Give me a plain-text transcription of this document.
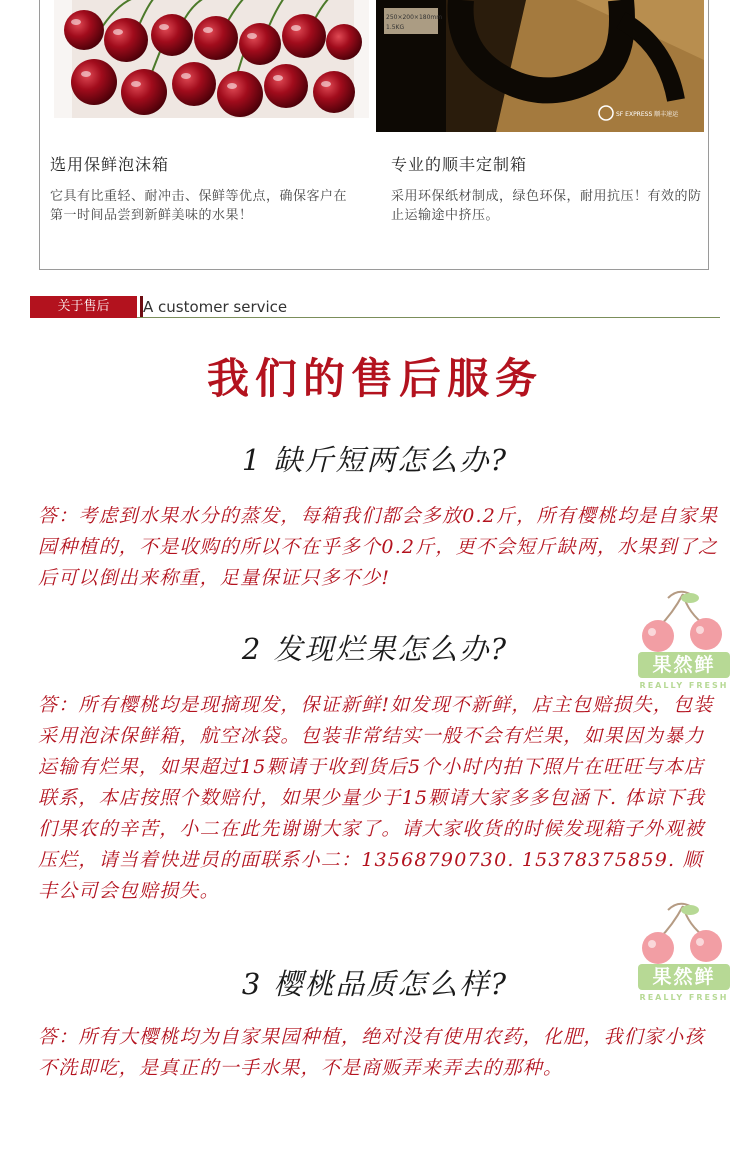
250×200×180mm
1.5KG
SF EXPRESS 顺丰速运
选用保鲜泡沫箱
它具有比重轻、耐冲击、保鲜等优点，确保客户在第一时间品尝到新鲜美味的水果！
专业的顺丰定制箱
采用环保纸材制成，绿色环保，耐用抗压！有效的防止运输途中挤压。
关于售后	A customer service
我们的售后服务
1 缺斤短两怎么办?
答：考虑到水果水分的蒸发，每箱我们都会多放0.2斤，所有樱桃均是自家果园种植的，不是收购的所以不在乎多个0.2斤，更不会短斤缺两，水果到了之后可以倒出来称重，足量保证只多不少!
2 发现烂果怎么办?
答：所有樱桃均是现摘现发，保证新鲜!如发现不新鲜，店主包赔损失，包装采用泡沫保鲜箱，航空冰袋。包装非常结实一般不会有烂果，如果因为暴力运输有烂果，如果超过15颗请于收到货后5个小时内拍下照片在旺旺与本店联系，本店按照个数赔付，如果少量少于15颗请大家多多包涵下. 体谅下我们果农的辛苦，小二在此先谢谢大家了。请大家收货的时候发现箱子外观被压烂，请当着快进员的面联系小二：13568790730. 15378375859. 顺丰公司会包赔损失。
3 樱桃品质怎么样?
答：所有大樱桃均为自家果园种植，绝对没有使用农药，化肥，我们家小孩不洗即吃，是真正的一手水果，不是商贩弄来弄去的那种。
果然鲜
REALLY FRESH
果然鲜
REALLY FRESH
